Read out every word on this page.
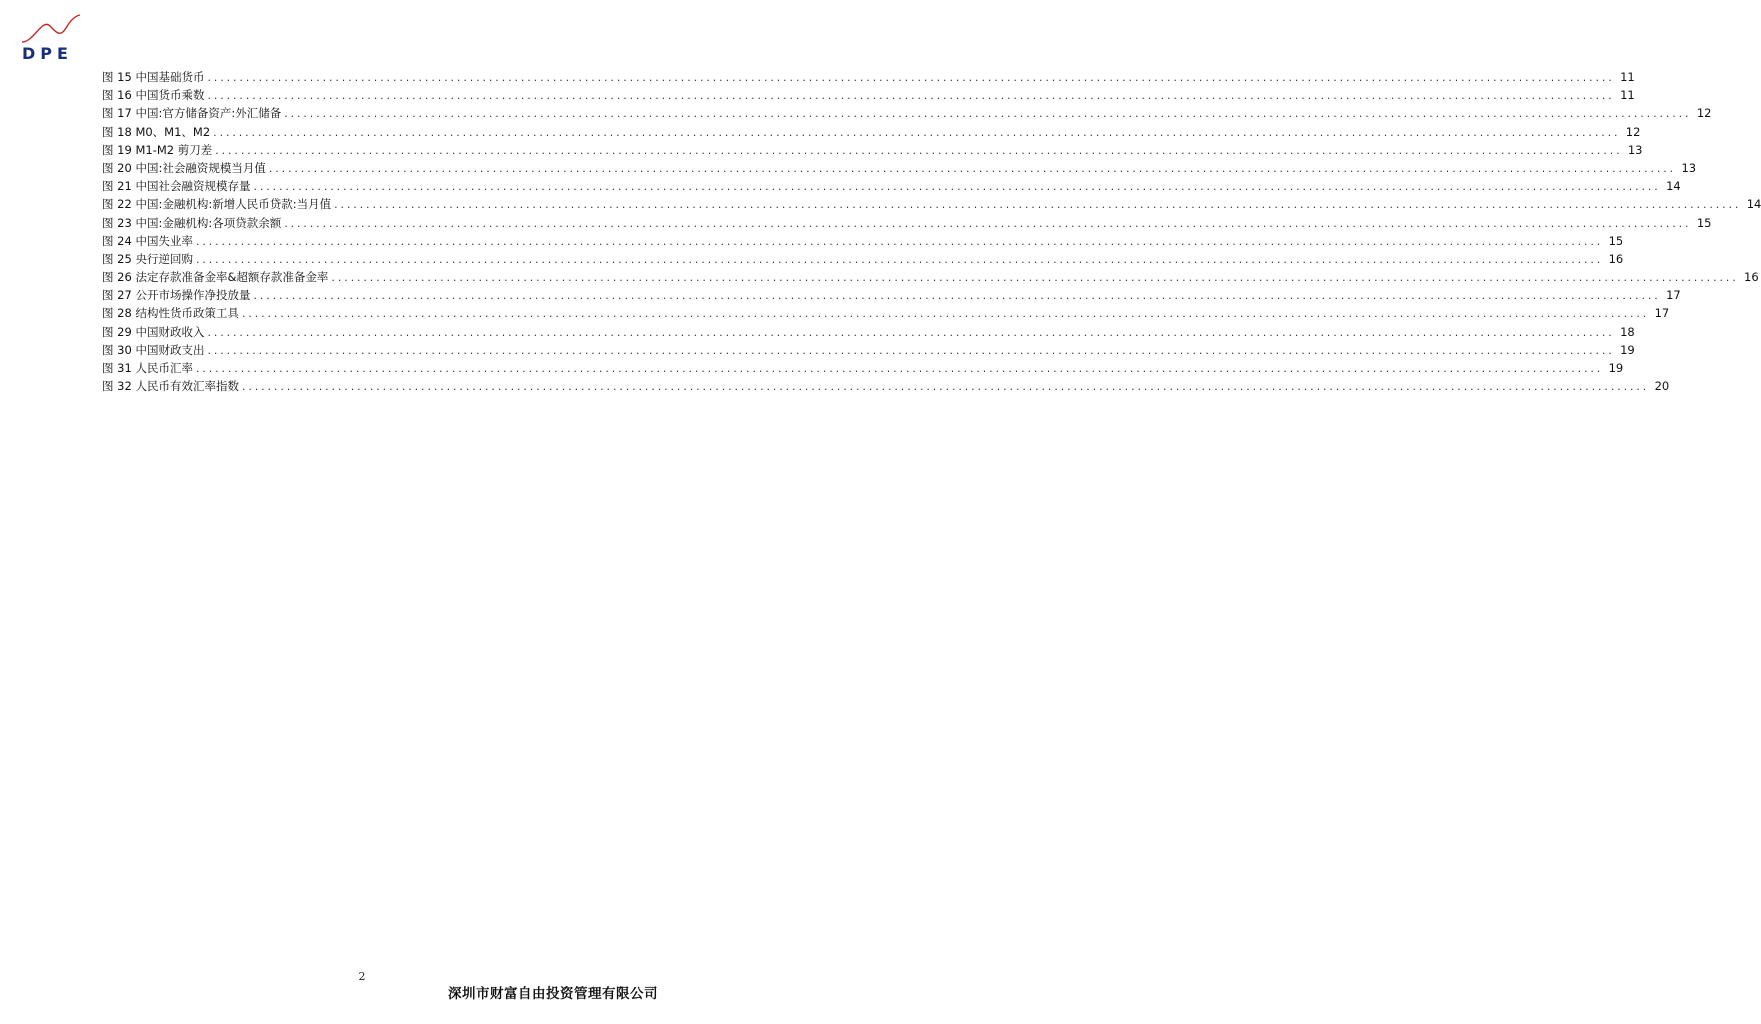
DPE
图 15 中国基础货币 ............................................................................................................................................................................................................................ 11
图 16 中国货币乘数 ............................................................................................................................................................................................................................ 11
图 17 中国:官方储备资产:外汇储备 ............................................................................................................................................................................................................................ 12
图 18 M0、M1、M2 ............................................................................................................................................................................................................................ 12
图 19 M1-M2 剪刀差 ............................................................................................................................................................................................................................ 13
图 20 中国:社会融资规模当月值 ............................................................................................................................................................................................................................ 13
图 21 中国社会融资规模存量 ............................................................................................................................................................................................................................ 14
图 22 中国:金融机构:新增人民币贷款:当月值 ............................................................................................................................................................................................................................ 14
图 23 中国:金融机构:各项贷款余额 ............................................................................................................................................................................................................................ 15
图 24 中国失业率 ............................................................................................................................................................................................................................ 15
图 25 央行逆回购 ............................................................................................................................................................................................................................ 16
图 26 法定存款准备金率&超额存款准备金率 ............................................................................................................................................................................................................................ 16
图 27 公开市场操作净投放量 ............................................................................................................................................................................................................................ 17
图 28 结构性货币政策工具 ............................................................................................................................................................................................................................ 17
图 29 中国财政收入 ............................................................................................................................................................................................................................ 18
图 30 中国财政支出 ............................................................................................................................................................................................................................ 19
图 31 人民币汇率 ............................................................................................................................................................................................................................ 19
图 32 人民币有效汇率指数 ............................................................................................................................................................................................................................ 20
2
深圳市财富自由投资管理有限公司
